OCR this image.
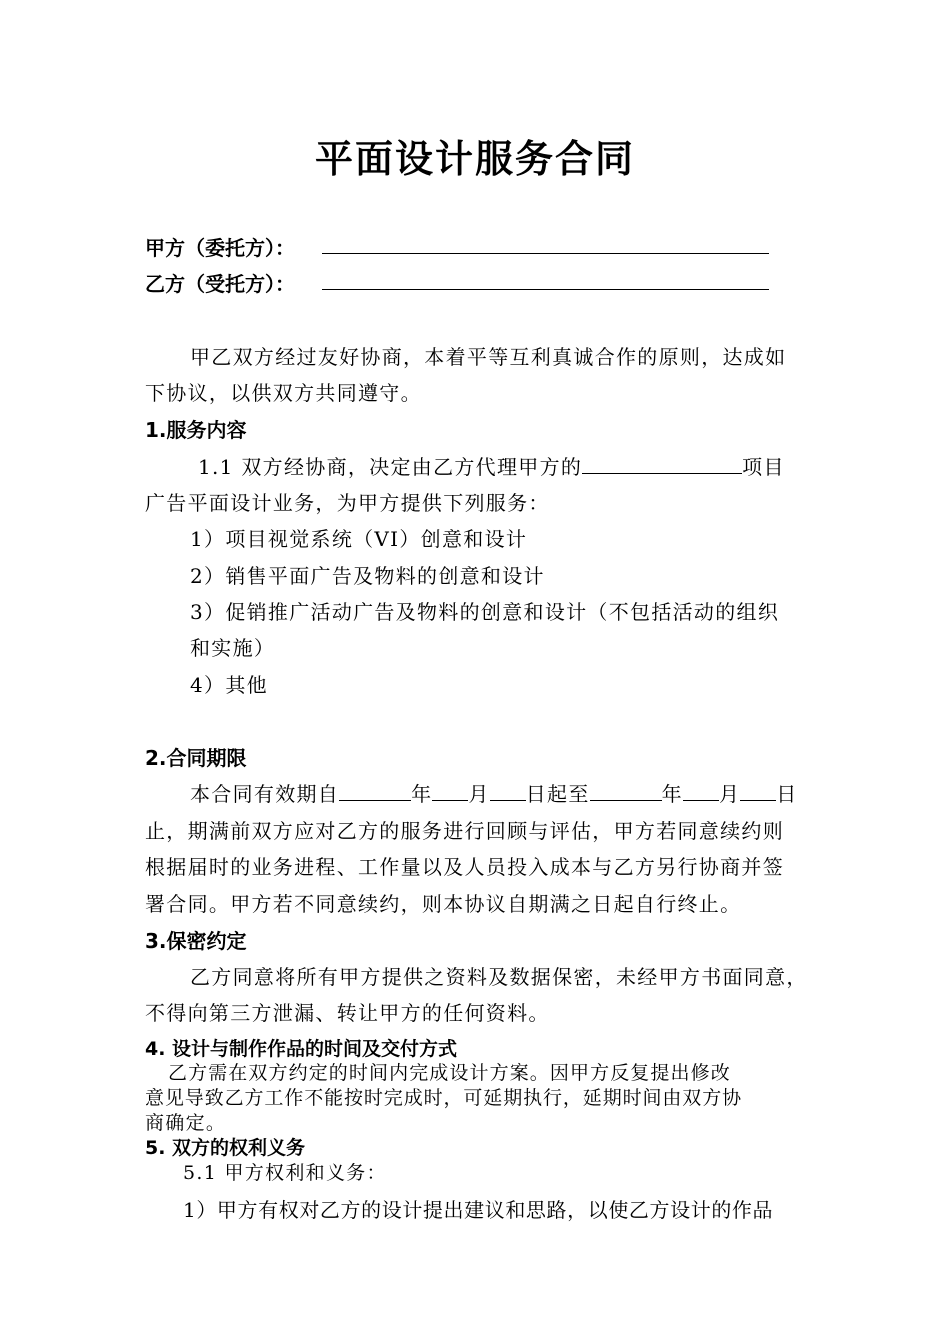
平面设计服务合同
甲方（委托方）：
乙方（受托方）：
甲乙双方经过友好协商，本着平等互利真诚合作的原则，达成如
下协议，以供双方共同遵守。
1.服务内容
1.1 双方经协商，决定由乙方代理甲方的	项目
广告平面设计业务，为甲方提供下列服务：
1）项目视觉系统（VI）创意和设计
2）销售平面广告及物料的创意和设计
3）促销推广活动广告及物料的创意和设计（不包括活动的组织
和实施）
4）其他
2.合同期限
本合同有效期自	年 月 日起至	年 月 日
止，期满前双方应对乙方的服务进行回顾与评估，甲方若同意续约则
根据届时的业务进程、工作量以及人员投入成本与乙方另行协商并签
署合同。甲方若不同意续约，则本协议自期满之日起自行终止。
3.保密约定
乙方同意将所有甲方提供之资料及数据保密，未经甲方书面同意，
不得向第三方泄漏、转让甲方的任何资料。
4. 设计与制作作品的时间及交付方式
乙方需在双方约定的时间内完成设计方案。因甲方反复提出修改
意见导致乙方工作不能按时完成时，可延期执行，延期时间由双方协
商确定。
5. 双方的权利义务
5.1 甲方权利和义务：
1）甲方有权对乙方的设计提出建议和思路，以使乙方设计的作品
